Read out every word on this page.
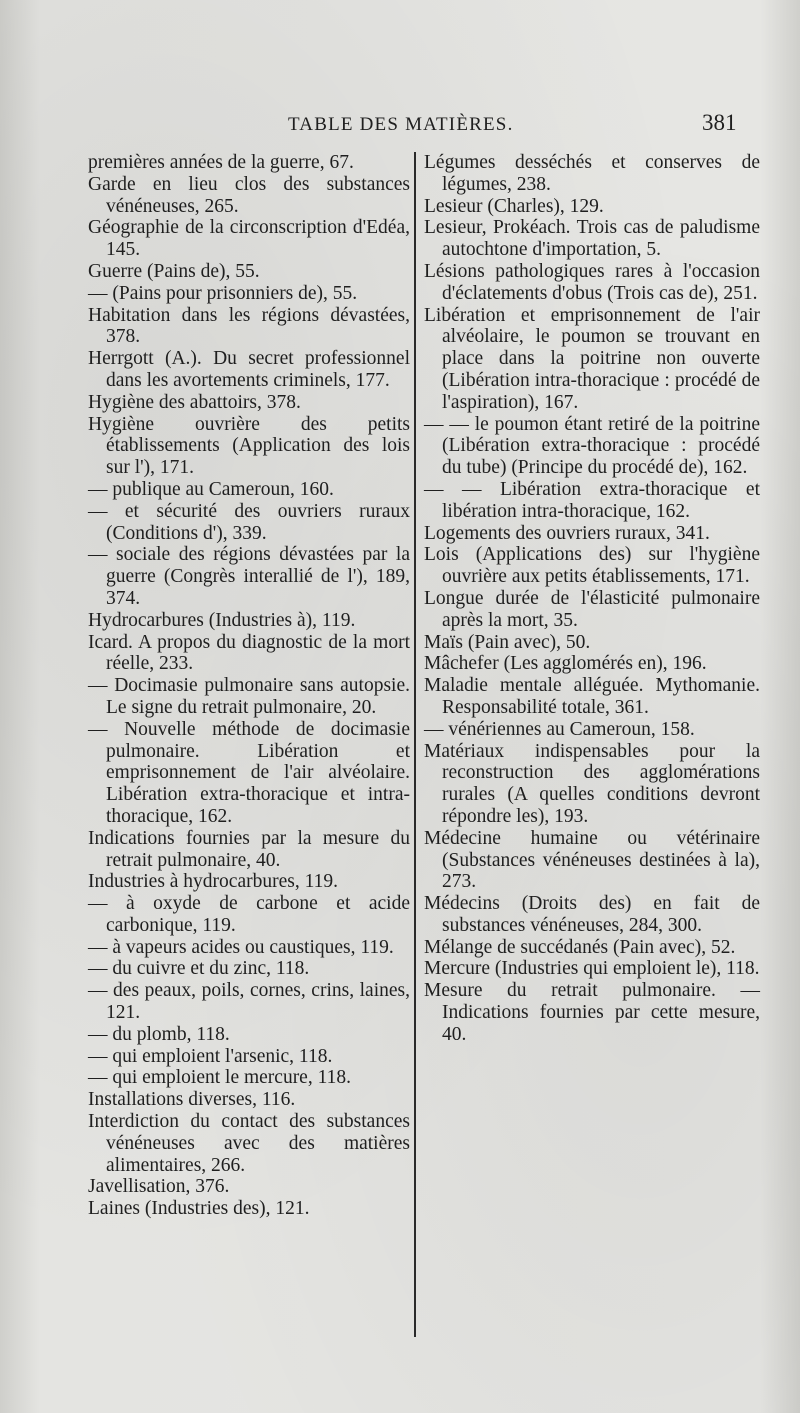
TABLE DES MATIÈRES.	381
premières années de la guerre, 67.
Garde en lieu clos des substances vénéneuses, 265.
Géographie de la circonscription d'Edéa, 145.
Guerre (Pains de), 55.
— (Pains pour prisonniers de), 55.
Habitation dans les régions dévastées, 378.
Herrgott (A.). Du secret professionnel dans les avortements criminels, 177.
Hygiène des abattoirs, 378.
Hygiène ouvrière des petits établissements (Application des lois sur l'), 171.
— publique au Cameroun, 160.
— et sécurité des ouvriers ruraux (Conditions d'), 339.
— sociale des régions dévastées par la guerre (Congrès interallié de l'), 189, 374.
Hydrocarbures (Industries à), 119.
Icard. A propos du diagnostic de la mort réelle, 233.
— Docimasie pulmonaire sans autopsie. Le signe du retrait pulmonaire, 20.
— Nouvelle méthode de docimasie pulmonaire. Libération et emprisonnement de l'air alvéolaire. Libération extra-thoracique et intra-thoracique, 162.
Indications fournies par la mesure du retrait pulmonaire, 40.
Industries à hydrocarbures, 119.
— à oxyde de carbone et acide carbonique, 119.
— à vapeurs acides ou caustiques, 119.
— du cuivre et du zinc, 118.
— des peaux, poils, cornes, crins, laines, 121.
— du plomb, 118.
— qui emploient l'arsenic, 118.
— qui emploient le mercure, 118.
Installations diverses, 116.
Interdiction du contact des substances vénéneuses avec des matières alimentaires, 266.
Javellisation, 376.
Laines (Industries des), 121.
Légumes desséchés et conserves de légumes, 238.
Lesieur (Charles), 129.
Lesieur, Prokéach. Trois cas de paludisme autochtone d'importation, 5.
Lésions pathologiques rares à l'occasion d'éclatements d'obus (Trois cas de), 251.
Libération et emprisonnement de l'air alvéolaire, le poumon se trouvant en place dans la poitrine non ouverte (Libération intra-thoracique : procédé de l'aspiration), 167.
— — le poumon étant retiré de la poitrine (Libération extra-thoracique : procédé du tube) (Principe du procédé de), 162.
— — Libération extra-thoracique et libération intra-thoracique, 162.
Logements des ouvriers ruraux, 341.
Lois (Applications des) sur l'hygiène ouvrière aux petits établissements, 171.
Longue durée de l'élasticité pulmonaire après la mort, 35.
Maïs (Pain avec), 50.
Mâchefer (Les agglomérés en), 196.
Maladie mentale alléguée. Mythomanie. Responsabilité totale, 361.
— vénériennes au Cameroun, 158.
Matériaux indispensables pour la reconstruction des agglomérations rurales (A quelles conditions devront répondre les), 193.
Médecine humaine ou vétérinaire (Substances vénéneuses destinées à la), 273.
Médecins (Droits des) en fait de substances vénéneuses, 284, 300.
Mélange de succédanés (Pain avec), 52.
Mercure (Industries qui emploient le), 118.
Mesure du retrait pulmonaire. — Indications fournies par cette mesure, 40.
